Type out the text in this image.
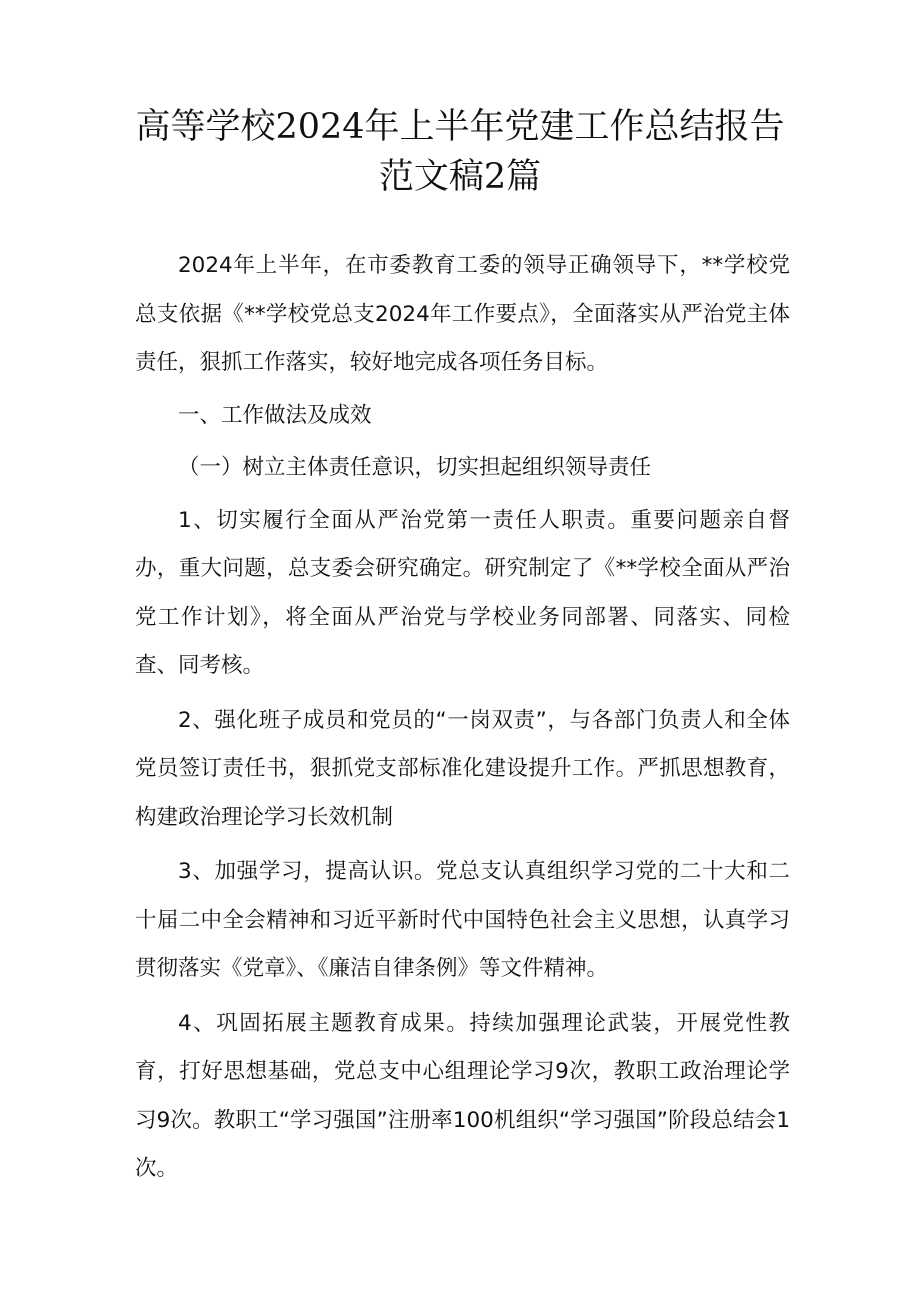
高等学校2024年上半年党建工作总结报告
范文稿2篇

2024年上半年，在市委教育工委的领导正确领导下，**学校党总支依据《**学校党总支2024年工作要点》，全面落实从严治党主体责任，狠抓工作落实，较好地完成各项任务目标。

一、工作做法及成效

（一）树立主体责任意识，切实担起组织领导责任

1、切实履行全面从严治党第一责任人职责。重要问题亲自督办，重大问题，总支委会研究确定。研究制定了《**学校全面从严治党工作计划》，将全面从严治党与学校业务同部署、同落实、同检查、同考核。

2、强化班子成员和党员的“一岗双责”，与各部门负责人和全体党员签订责任书，狠抓党支部标准化建设提升工作。严抓思想教育，构建政治理论学习长效机制

3、加强学习，提高认识。党总支认真组织学习党的二十大和二十届二中全会精神和习近平新时代中国特色社会主义思想，认真学习贯彻落实《党章》、《廉洁自律条例》等文件精神。

4、巩固拓展主题教育成果。持续加强理论武装，开展党性教育，打好思想基础，党总支中心组理论学习9次，教职工政治理论学习9次。教职工“学习强国”注册率100机组织“学习强国”阶段总结会1次。
